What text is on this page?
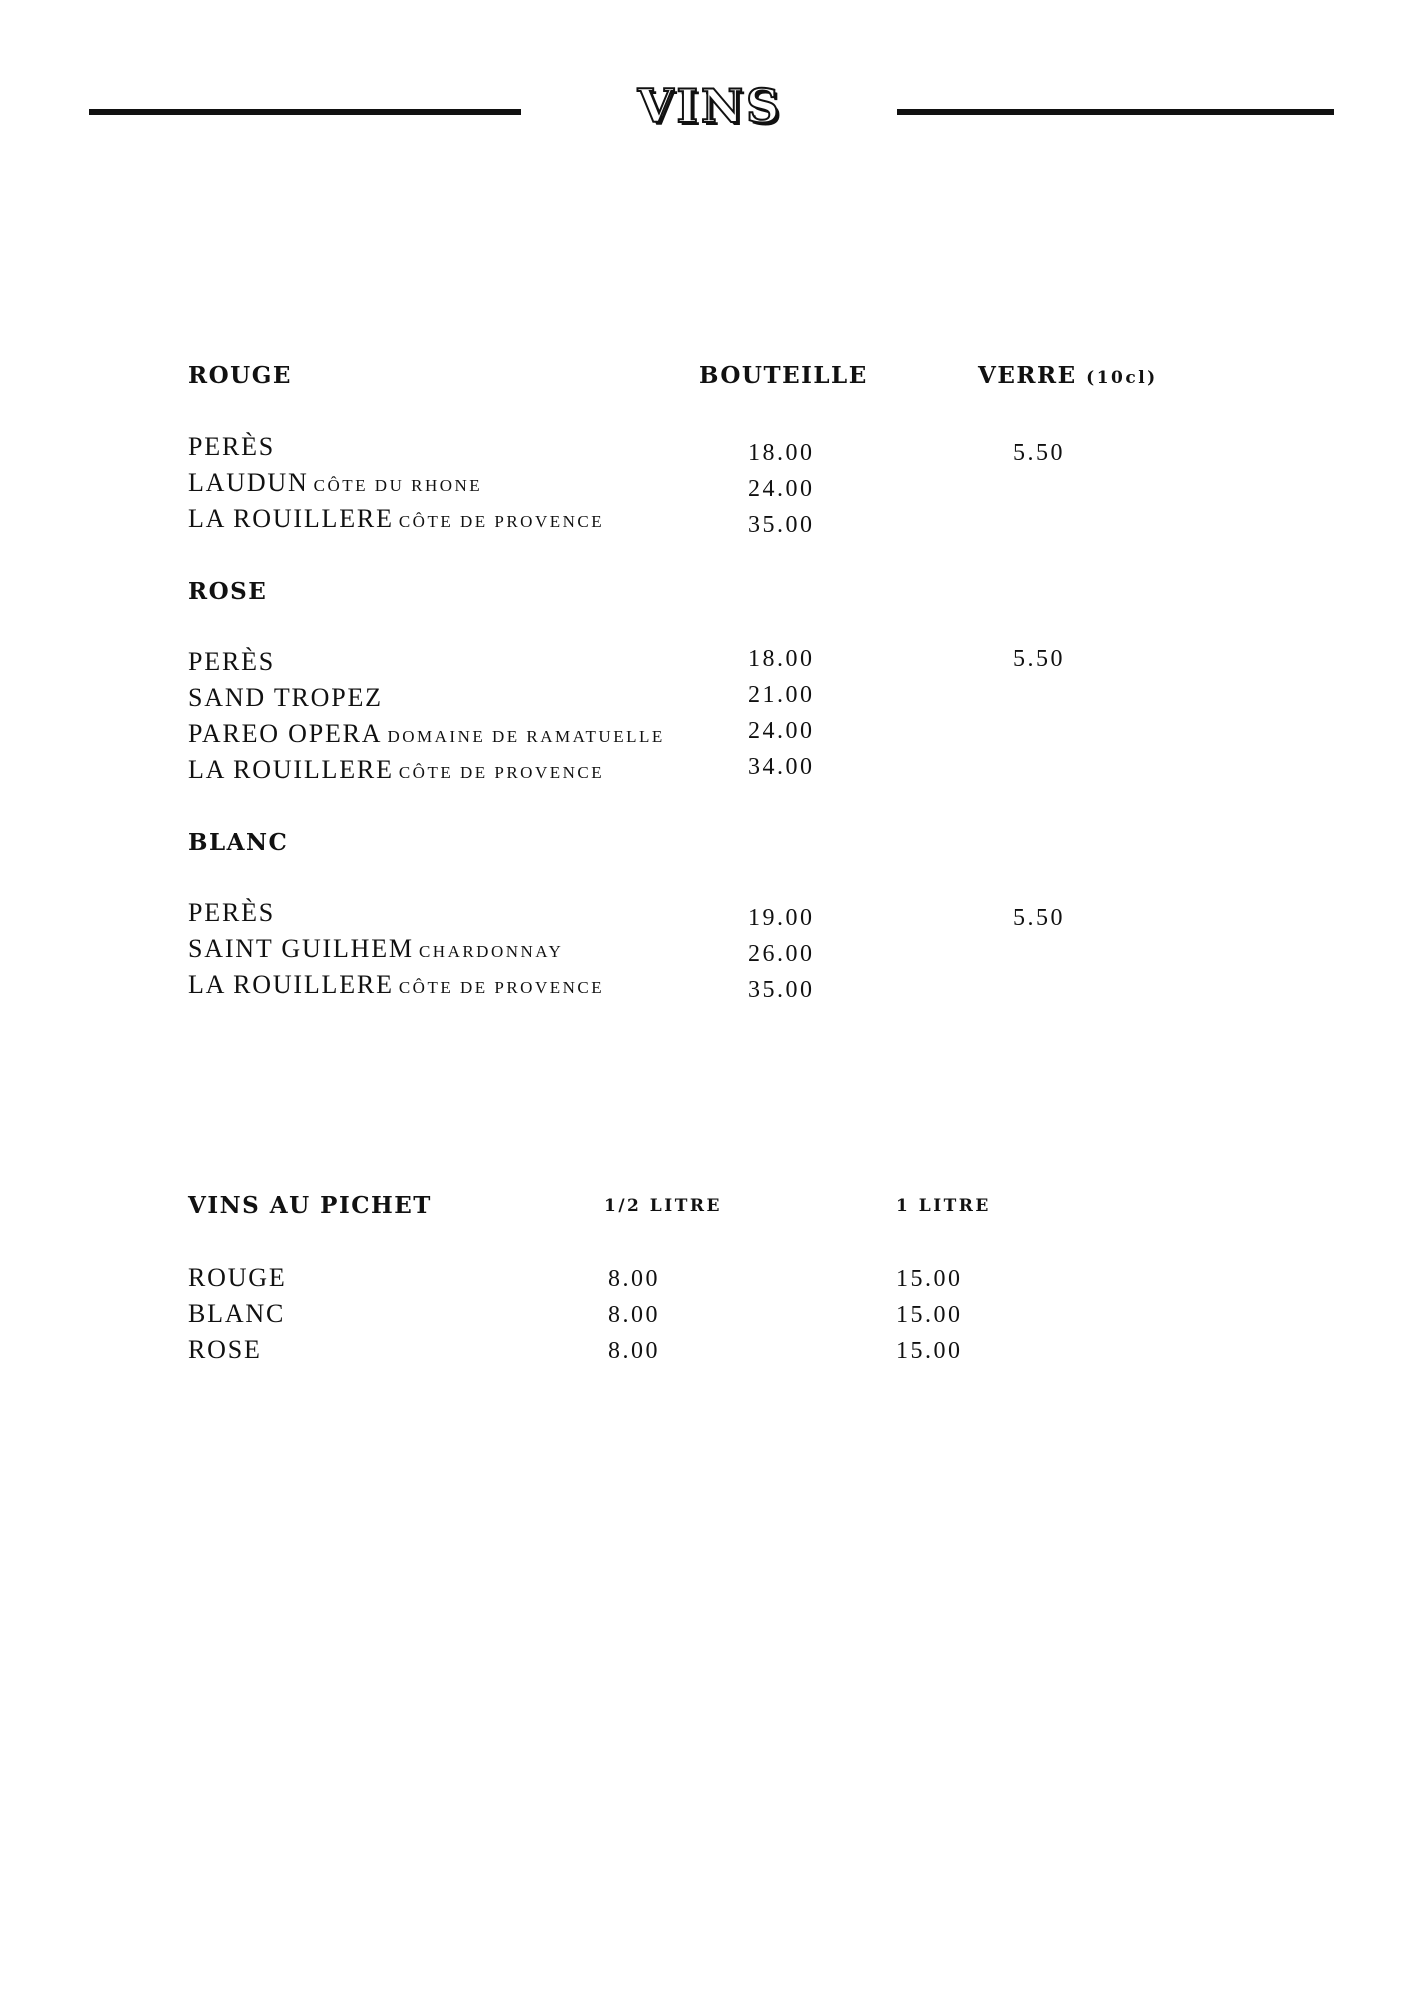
VINS
ROUGE	BOUTEILLE	VERRE (10cl)
PERÈS	18.00	5.50
LAUDUN CÔTE DU RHONE	24.00
LA ROUILLERE CÔTE DE PROVENCE	35.00
ROSE
PERÈS	18.00	5.50
SAND TROPEZ	21.00
PAREO OPERA DOMAINE DE RAMATUELLE	24.00
LA ROUILLERE CÔTE DE PROVENCE	34.00
BLANC
PERÈS	19.00	5.50
SAINT GUILHEM CHARDONNAY	26.00
LA ROUILLERE CÔTE DE PROVENCE	35.00
VINS AU PICHET	1/2 LITRE	1 LITRE
ROUGE	8.00	15.00
BLANC	8.00	15.00
ROSE	8.00	15.00
